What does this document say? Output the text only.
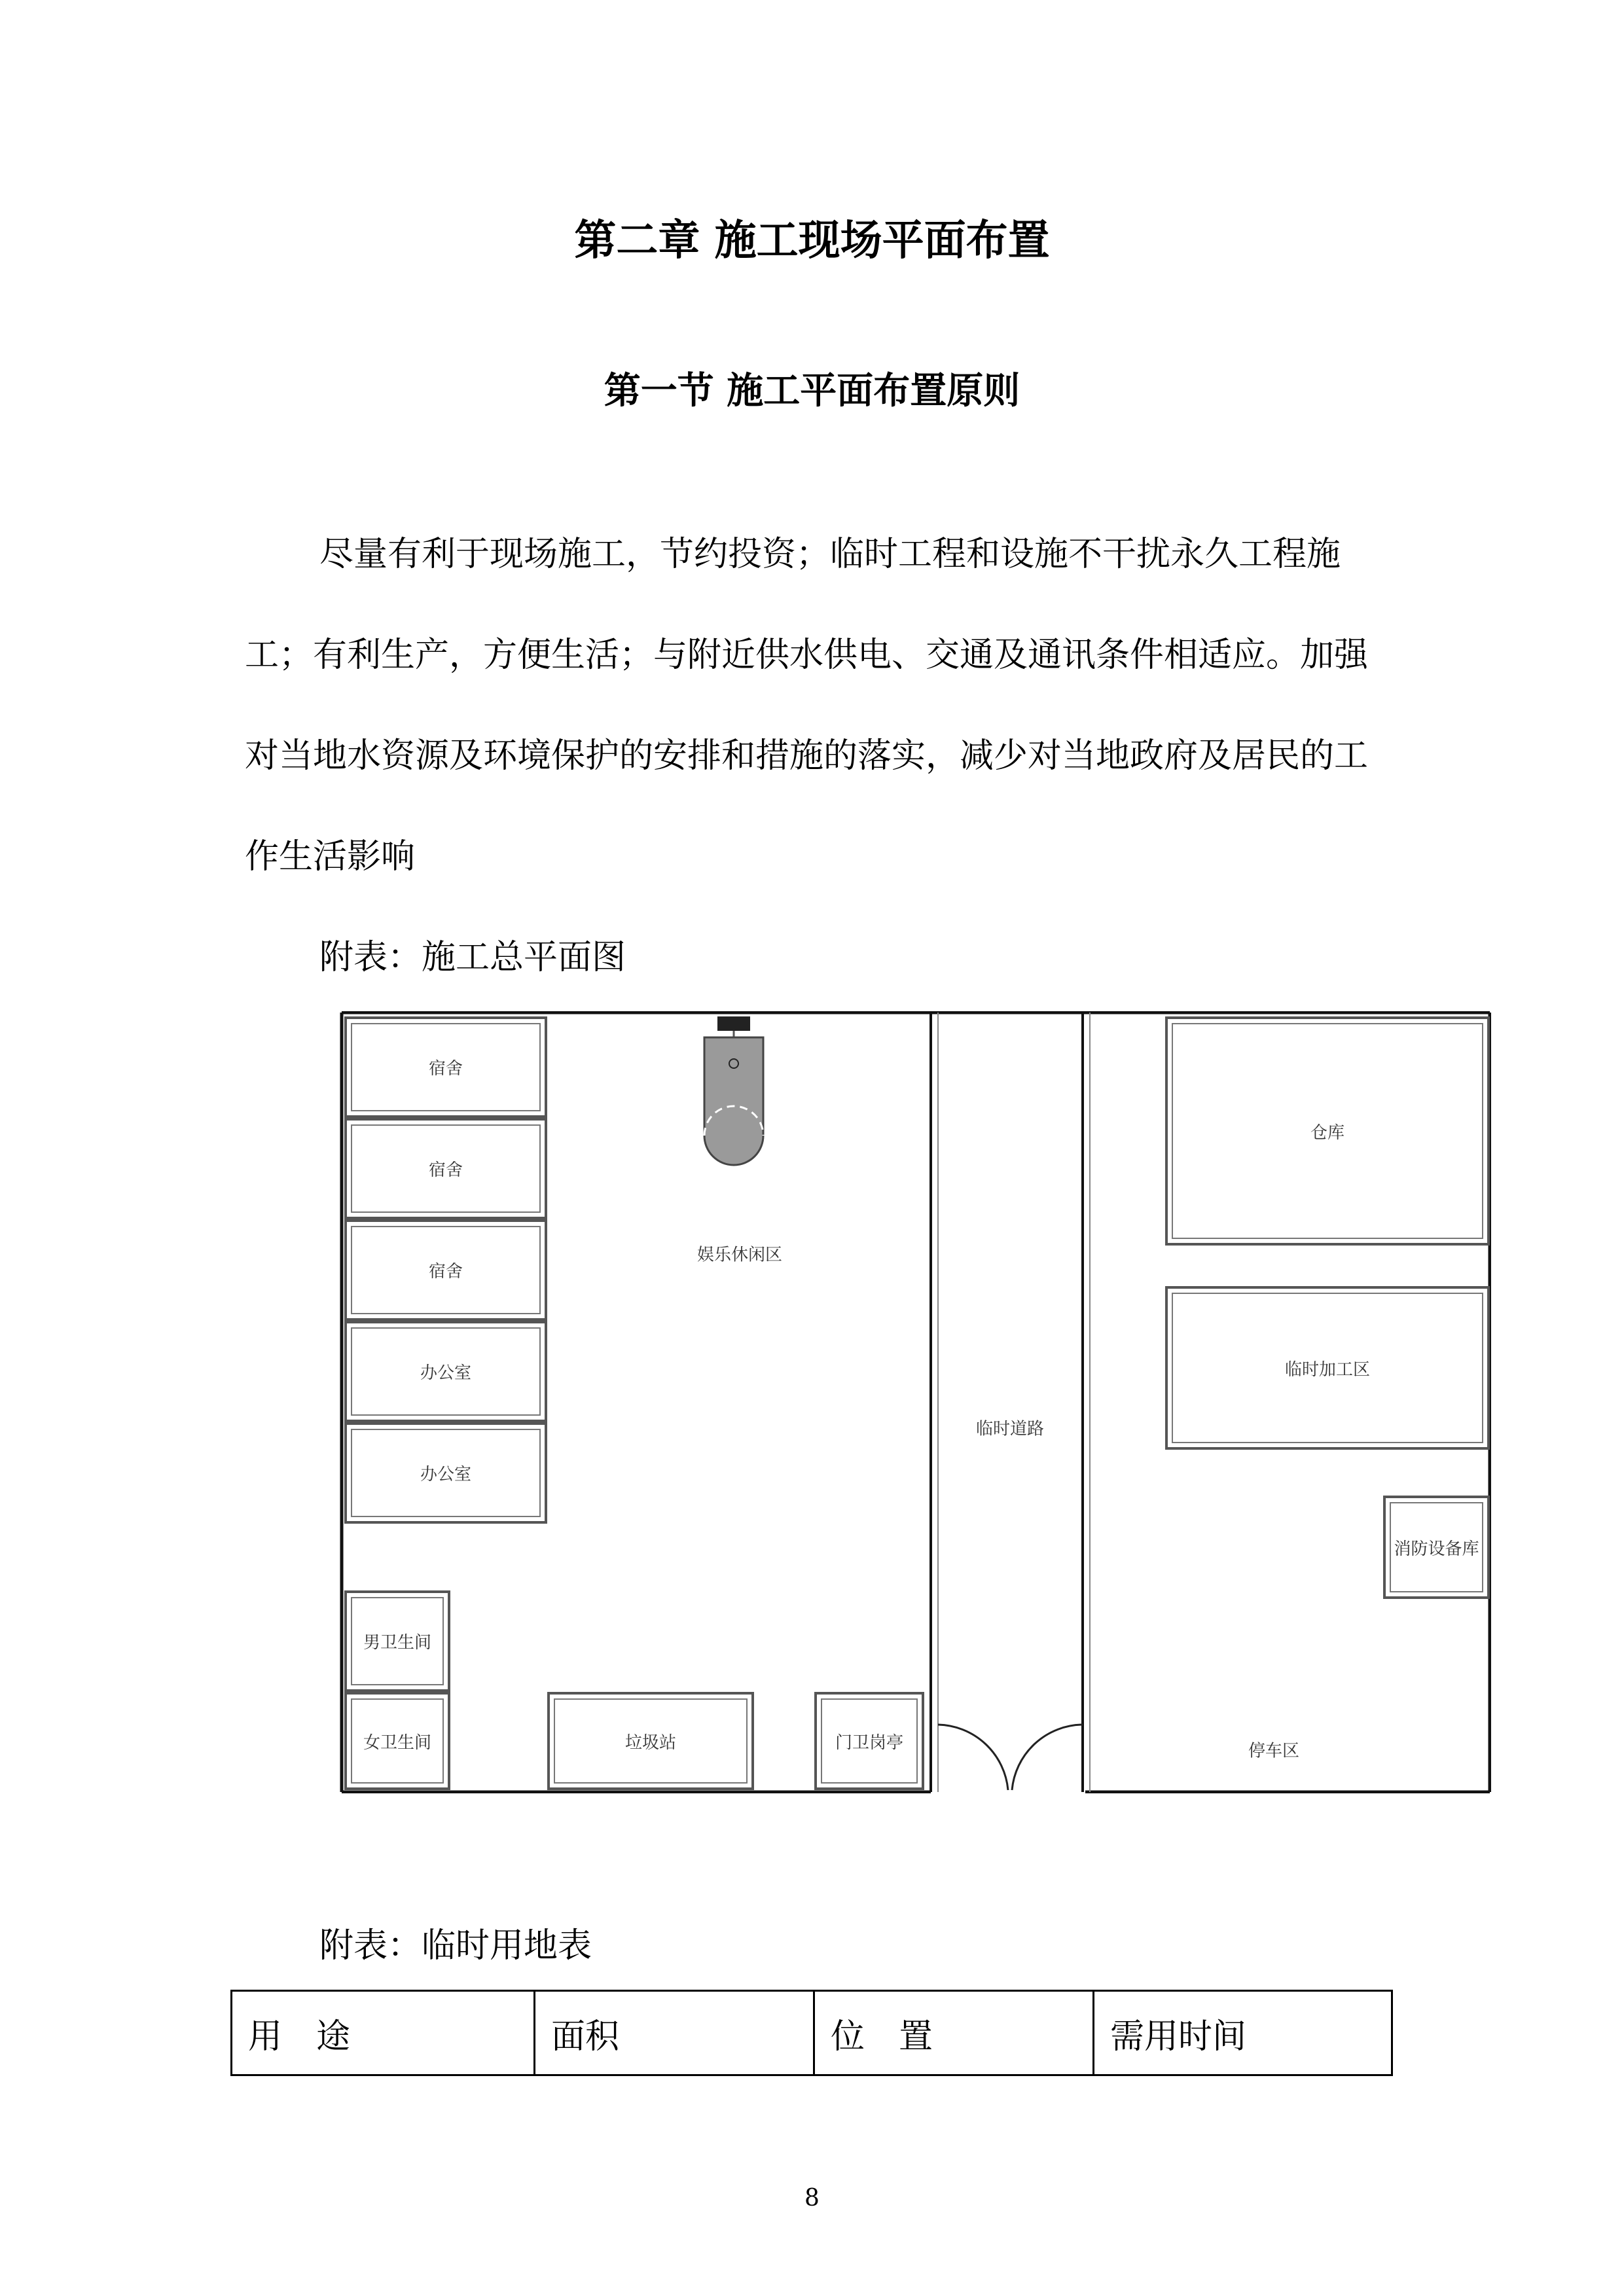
第二章 施工现场平面布置
第一节 施工平面布置原则
尽量有利于现场施工，节约投资；临时工程和设施不干扰永久工程施工；有利生产，方便生活；与附近供水供电、交通及通讯条件相适应。加强对当地水资源及环境保护的安排和措施的落实，减少对当地政府及居民的工作生活影响
附表：施工总平面图
宿舍
宿舍
宿舍
办公室
办公室
男卫生间
女卫生间	垃圾站	门卫岗亭
娱乐休闲区
临时道路
仓库
临时加工区
消防设备库
停车区
附表：临时用地表
用　途	面积	位　置	需用时间
8
